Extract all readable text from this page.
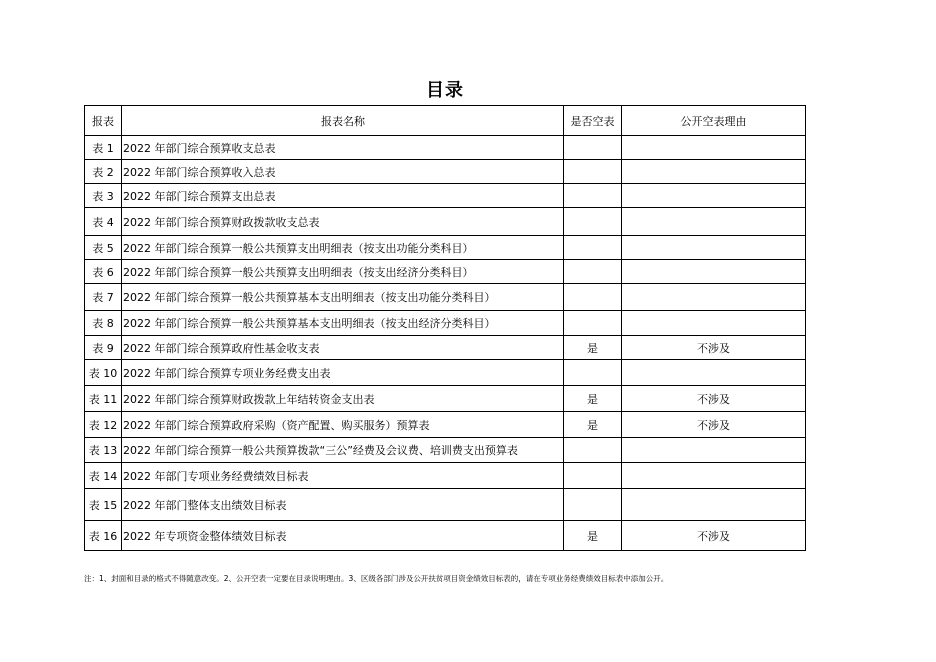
目录
报表	报表名称	是否空表	公开空表理由
表 1	2022 年部门综合预算收支总表		
表 2	2022 年部门综合预算收入总表		
表 3	2022 年部门综合预算支出总表		
表 4	2022 年部门综合预算财政拨款收支总表		
表 5	2022 年部门综合预算一般公共预算支出明细表（按支出功能分类科目）		
表 6	2022 年部门综合预算一般公共预算支出明细表（按支出经济分类科目）		
表 7	2022 年部门综合预算一般公共预算基本支出明细表（按支出功能分类科目）		
表 8	2022 年部门综合预算一般公共预算基本支出明细表（按支出经济分类科目）		
表 9	2022 年部门综合预算政府性基金收支表	是	不涉及
表 10	2022 年部门综合预算专项业务经费支出表		
表 11	2022 年部门综合预算财政拨款上年结转资金支出表	是	不涉及
表 12	2022 年部门综合预算政府采购（资产配置、购买服务）预算表	是	不涉及
表 13	2022 年部门综合预算一般公共预算拨款“三公”经费及会议费、培训费支出预算表		
表 14	2022 年部门专项业务经费绩效目标表		
表 15	2022 年部门整体支出绩效目标表		
表 16	2022 年专项资金整体绩效目标表	是	不涉及
注：1、封面和目录的格式不得随意改变。2、公开空表一定要在目录说明理由。3、区级各部门涉及公开扶贫项目资金绩效目标表的，请在专项业务经费绩效目标表中添加公开。
